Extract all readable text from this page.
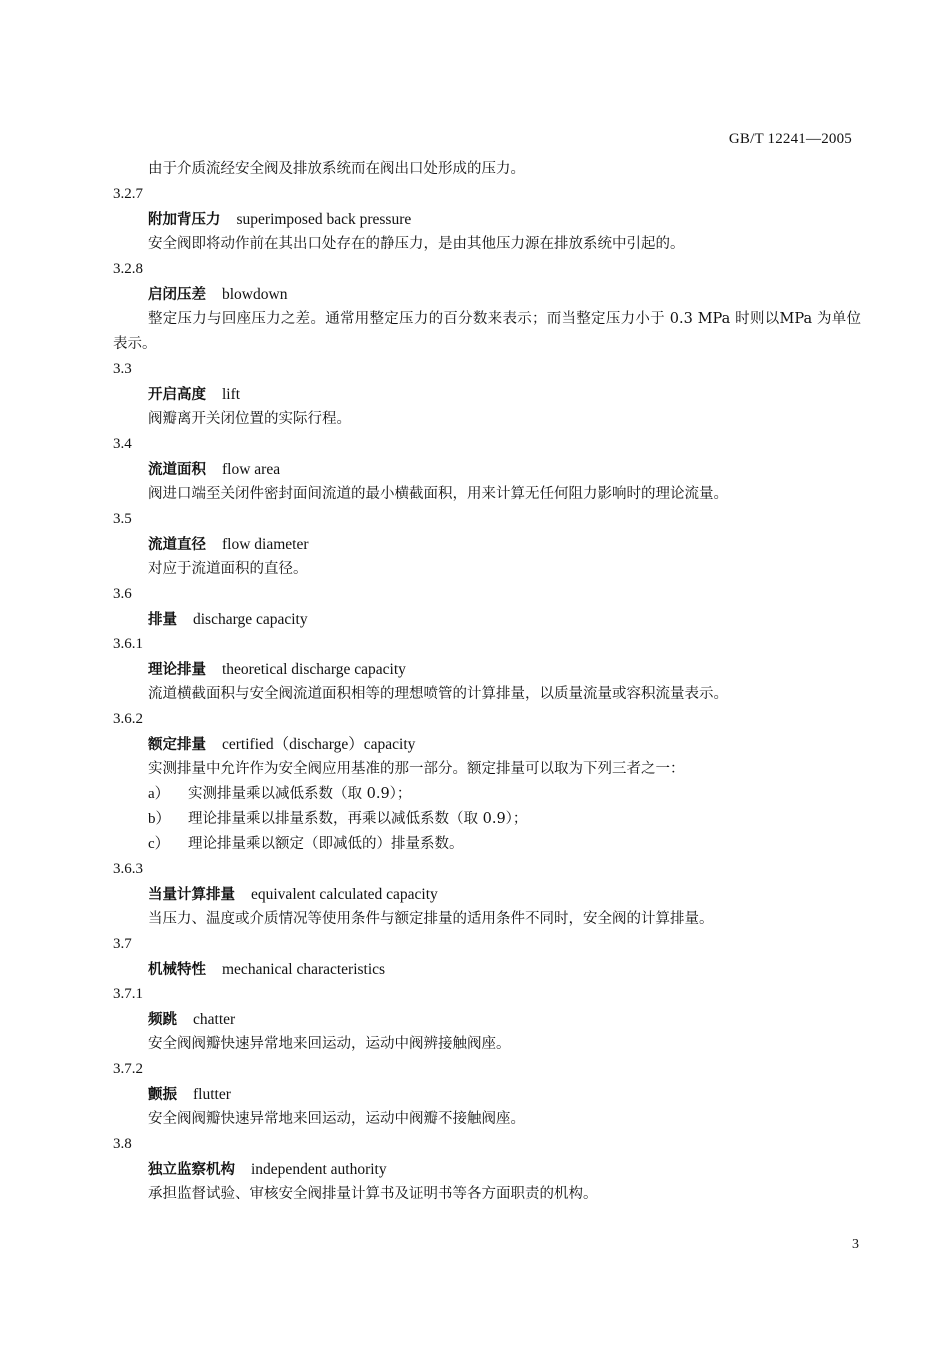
GB/T 12241—2005
由于介质流经安全阀及排放系统而在阀出口处形成的压力。
3.2.7
附加背压力 superimposed back pressure
安全阀即将动作前在其出口处存在的静压力，是由其他压力源在排放系统中引起的。
3.2.8
启闭压差 blowdown
整定压力与回座压力之差。通常用整定压力的百分数来表示；而当整定压力小于 0.3 MPa 时则以MPa 为单位表示。
3.3
开启高度 lift
阀瓣离开关闭位置的实际行程。
3.4
流道面积 flow area
阀进口端至关闭件密封面间流道的最小横截面积，用来计算无任何阻力影响时的理论流量。
3.5
流道直径 flow diameter
对应于流道面积的直径。
3.6
排量 discharge capacity
3.6.1
理论排量 theoretical discharge capacity
流道横截面积与安全阀流道面积相等的理想喷管的计算排量，以质量流量或容积流量表示。
3.6.2
额定排量 certified（discharge）capacity
实测排量中允许作为安全阀应用基准的那一部分。额定排量可以取为下列三者之一：
a） 实测排量乘以减低系数（取 0.9）；
b） 理论排量乘以排量系数，再乘以减低系数（取 0.9）；
c） 理论排量乘以额定（即减低的）排量系数。
3.6.3
当量计算排量 equivalent calculated capacity
当压力、温度或介质情况等使用条件与额定排量的适用条件不同时，安全阀的计算排量。
3.7
机械特性 mechanical characteristics
3.7.1
频跳 chatter
安全阀阀瓣快速异常地来回运动，运动中阀辨接触阀座。
3.7.2
颤振 flutter
安全阀阀瓣快速异常地来回运动，运动中阀瓣不接触阀座。
3.8
独立监察机构 independent authority
承担监督试验、审核安全阀排量计算书及证明书等各方面职责的机构。
3
